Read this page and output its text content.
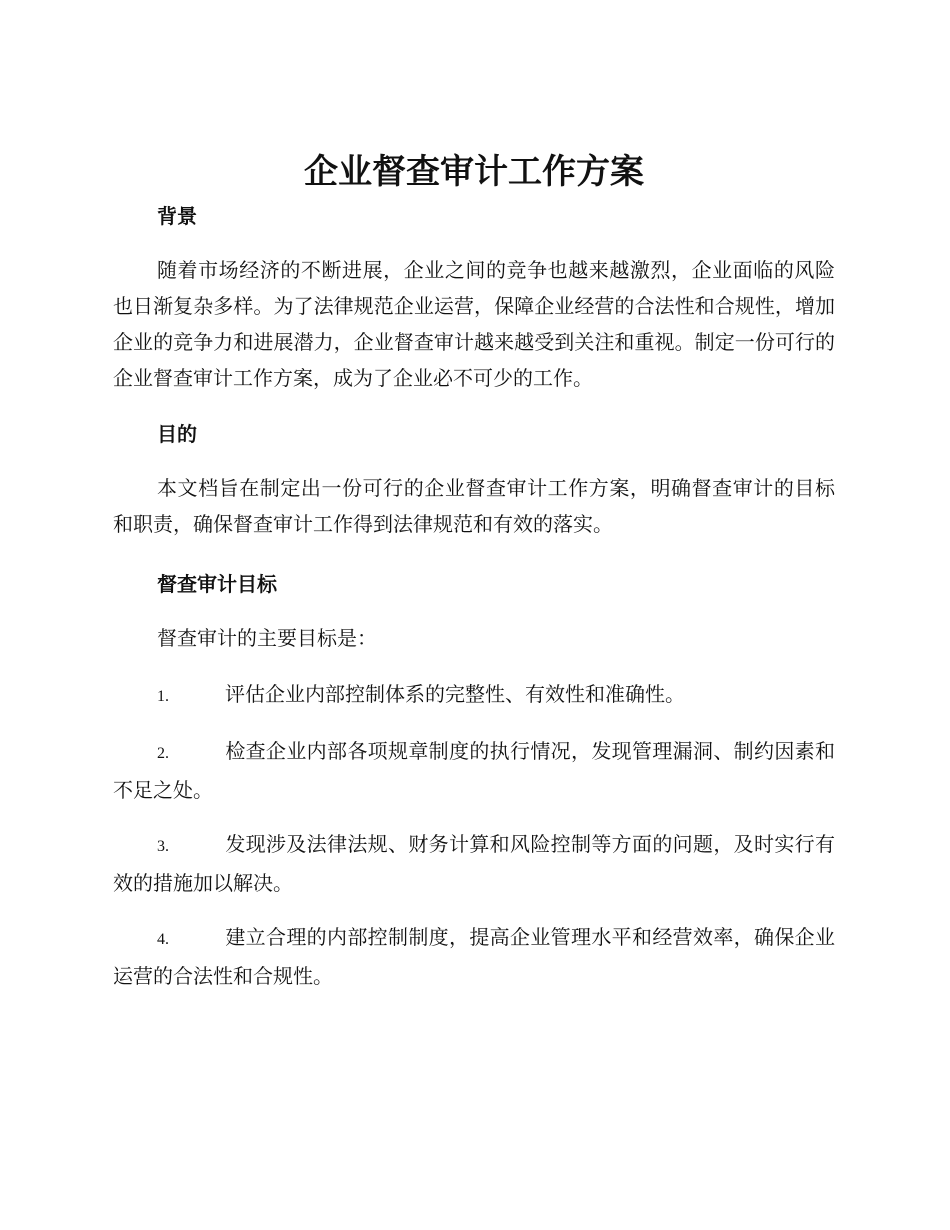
企业督查审计工作方案
背景

随着市场经济的不断进展，企业之间的竞争也越来越激烈，企业面临的风险也日渐复杂多样。为了法律规范企业运营，保障企业经营的合法性和合规性，增加企业的竞争力和进展潜力，企业督查审计越来越受到关注和重视。制定一份可行的企业督查审计工作方案，成为了企业必不可少的工作。

目的

本文档旨在制定出一份可行的企业督查审计工作方案，明确督查审计的目标和职责，确保督查审计工作得到法律规范和有效的落实。

督查审计目标

督查审计的主要目标是：

1.	评估企业内部控制体系的完整性、有效性和准确性。

2.	检查企业内部各项规章制度的执行情况，发现管理漏洞、制约因素和不足之处。

3.	发现涉及法律法规、财务计算和风险控制等方面的问题，及时实行有效的措施加以解决。

4.	建立合理的内部控制制度，提高企业管理水平和经营效率，确保企业运营的合法性和合规性。
